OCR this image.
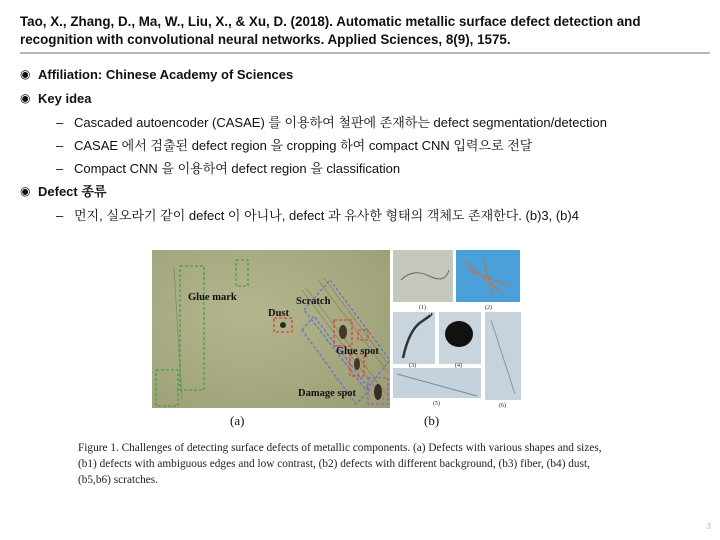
Tao, X., Zhang, D., Ma, W., Liu, X., & Xu, D. (2018). Automatic metallic surface defect detection and recognition with convolutional neural networks. Applied Sciences, 8(9), 1575.
◉ Affiliation: Chinese Academy of Sciences
◉ Key idea
– Cascaded autoencoder (CASAE) 를 이용하여 철판에 존재하는 defect segmentation/detection
– CASAE 에서 검출된 defect region 을 cropping 하여 compact CNN 입력으로 전달
– Compact CNN 을 이용하여 defect region 을 classification
◉ Defect 종류
– 먼지, 실오라기 같이 defect 이 아니나, defect 과 유사한 형태의 객체도 존재한다. (b)3, (b)4
Glue mark	Scratch
Dust
Glue spot
Damage spot
(1)	(2)
(3)	(4)
(5)	(6)
(a)	(b)
Figure 1. Challenges of detecting surface defects of metallic components. (a) Defects with various shapes and sizes, (b1) defects with ambiguous edges and low contrast, (b2) defects with different background, (b3) fiber, (b4) dust, (b5,b6) scratches.
3
